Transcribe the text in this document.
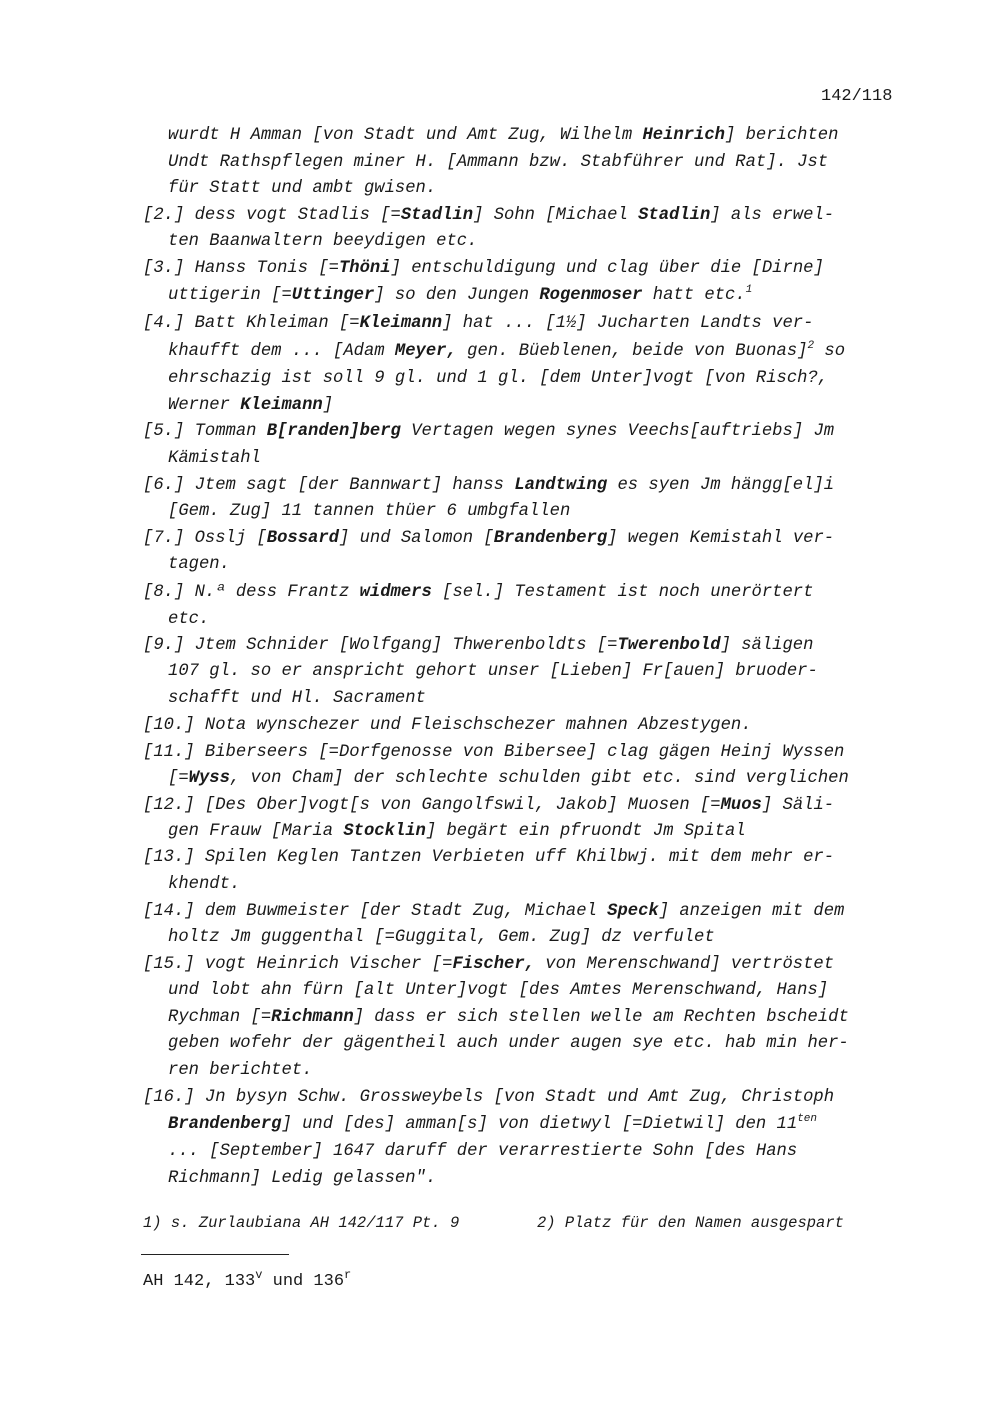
142/118
wurdt H Amman [von Stadt und Amt Zug, Wilhelm Heinrich] berichten
Undt Rathspflegen miner H. [Ammann bzw. Stabführer und Rat]. Jst
für Statt und ambt gwisen.
[2.] dess vogt Stadlis [=Stadlin] Sohn [Michael Stadlin] als erwel-
ten Baanwaltern beeydigen etc.
[3.] Hanss Tonis [=Thöni] entschuldigung und clag über die [Dirne]
uttigerin [=Uttinger] so den Jungen Rogenmoser hatt etc.$^1$
[4.] Batt Khleiman [=Kleimann] hat ... [1½] Jucharten Landts ver-
khaufft dem ... [Adam Meyer, gen. Büeblenen, beide von Buonas]$^2$ so
ehrschazig ist soll 9 gl. und 1 gl. [dem Unter]vogt [von Risch?,
Werner Kleimann]
[5.] Tomman B[randen]berg Vertagen wegen synes Veechs[auftriebs] Jm
Kämistahl
[6.] Jtem sagt [der Bannwart] hanss Landtwing es syen Jm hängg[el]i
[Gem. Zug] 11 tannen thüer 6 umbgfallen
[7.] Osslj [Bossard] und Salomon [Brandenberg] wegen Kemistahl ver-
tagen.
[8.] N.ª dess Frantz widmers [sel.] Testament ist noch unerörtert
etc.
[9.] Jtem Schnider [Wolfgang] Thwerenboldts [=Twerenbold] säligen
107 gl. so er anspricht gehort unser [Lieben] Fr[auen] bruoder-
schafft und Hl. Sacrament
[10.] Nota wynschezer und Fleischschezer mahnen Abzestygen.
[11.] Biberseers [=Dorfgenosse von Bibersee] clag gägen Heinj Wyssen
[=Wyss, von Cham] der schlechte schulden gibt etc. sind verglichen
[12.] [Des Ober]vogt[s von Gangolfswil, Jakob] Muosen [=Muos] Säli-
gen Frauw [Maria Stocklin] begärt ein pfruondt Jm Spital
[13.] Spilen Keglen Tantzen Verbieten uff Khilbwj. mit dem mehr er-
khendt.
[14.] dem Buwmeister [der Stadt Zug, Michael Speck] anzeigen mit dem
holtz Jm guggenthal [=Guggital, Gem. Zug] dz verfulet
[15.] vogt Heinrich Vischer [=Fischer, von Merenschwand] vertröstet
und lobt ahn fürn [alt Unter]vogt [des Amtes Merenschwand, Hans]
Rychman [=Richmann] dass er sich stellen welle am Rechten bscheidt
geben wofehr der gägentheil auch under augen sye etc. hab min her-
ren berichtet.
[16.] Jn bysyn Schw. Grossweybels [von Stadt und Amt Zug, Christoph
Brandenberg] und [des] amman[s] von dietwyl [=Dietwil] den $11^{ten}$
... [September] 1647 daruff der verarrestierte Sohn [des Hans
Richmann] Ledig gelassen".
1) s. Zurlaubiana AH 142/117 Pt. 9	2) Platz für den Namen ausgespart
AH 142, 133$^v$ und 136$^r$
